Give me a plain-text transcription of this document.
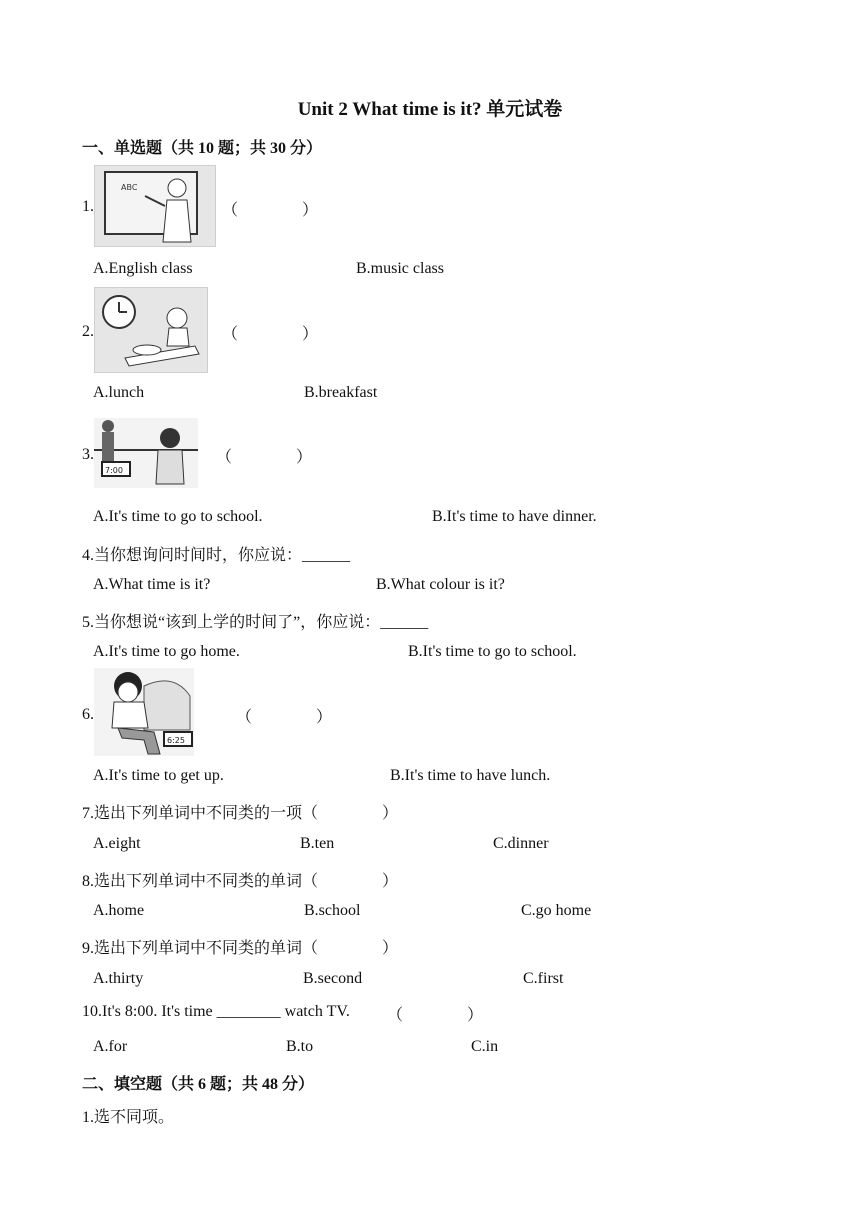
Unit 2 What time is it? 单元试卷
一、单选题（共 10 题；共 30 分）
1.
ABC
（　　　　）
A.English class	B.music class
2.	（　　　　）
A.lunch	B.breakfast
3.
7:00
（　　　　）
A.It's time to go to school.	B.It's time to have dinner.
4.当你想询问时间时，你应说：______
A.What time is it?	B.What colour is it?
5.当你想说“该到上学的时间了”，你应说：______
A.It's time to go home.	B.It's time to go to school.
6.
6:25
（　　　　）
A.It's time to get up.	B.It's time to have lunch.
7.选出下列单词中不同类的一项（　　　　）
A.eight	B.ten	C.dinner
8.选出下列单词中不同类的单词（　　　　）
A.home	B.school	C.go home
9.选出下列单词中不同类的单词（　　　　）
A.thirty	B.second	C.first
10.It's 8:00. It's time ________ watch TV. （　　　　）
A.for	B.to	C.in
二、填空题（共 6 题；共 48 分）
1.选不同项。
